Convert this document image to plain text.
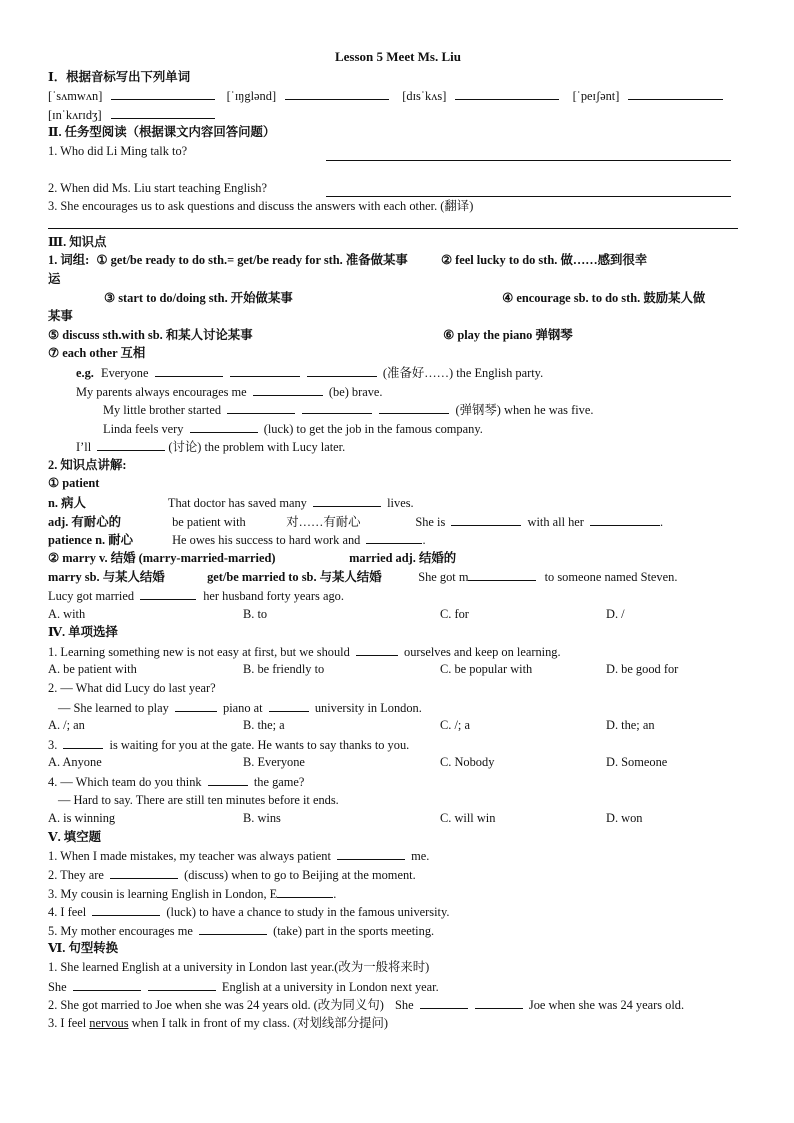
Lesson 5 Meet Ms. Liu
Ⅰ．根据音标写出下列单词
[ˈsʌmwʌn]	[ˈɪŋglənd]	[dɪsˈkʌs]	[ˈpeɪʃənt]
[ɪnˈkʌrɪdʒ]
Ⅱ. 任务型阅读（根据课文内容回答问题）
1. Who did Li Ming talk to?
2. When did Ms. Liu start teaching English?
3. She encourages us to ask questions and discuss the answers with each other. (翻译)
Ⅲ. 知识点
1. 词组: ① get/be ready to do sth.= get/be ready for sth. 准备做某事	② feel lucky to do sth. 做……感到很幸
运
③ start to do/doing sth. 开始做某事	④ encourage sb. to do sth. 鼓励某人做
某事
⑤ discuss sth.with sb. 和某人讨论某事	⑥ play the piano 弹钢琴
⑦ each other 互相
e.g. Everyone	(准备好……) the English party.
My parents always encourages me	(be) brave.
My little brother started	(弹钢琴) when he was five.
Linda feels very	(luck) to get the job in the famous company.
I’ll	(讨论) the problem with Lucy later.
2. 知识点讲解:
① patient
n. 病人	That doctor has saved many	lives.
adj. 有耐心的	be patient with	对……有耐心	She is	with all her	.
patience n. 耐心	He owes his success to hard work and	.
② marry v. 结婚 (marry-married-married)	married adj. 结婚的
marry sb. 与某人结婚	get/be married to sb. 与某人结婚	She got m	to someone named Steven.
Lucy got married	her husband forty years ago.
A. with	B. to	C. for	D. /
Ⅳ. 单项选择
1. Learning something new is not easy at first, but we should	ourselves and keep on learning.
A. be patient with	B. be friendly to	C. be popular with	D. be good for
2. — What did Lucy do last year?
— She learned to play	piano at	university in London.
A. /; an	B. the; a	C. /; a	D. the; an
3.	is waiting for you at the gate. He wants to say thanks to you.
A. Anyone	B. Everyone	C. Nobody	D. Someone
4. — Which team do you think	the game?
— Hard to say. There are still ten minutes before it ends.
A. is winning	B. wins	C. will win	D. won
Ⅴ. 填空题
1. When I made mistakes, my teacher was always patient	me.
2. They are	(discuss) when to go to Beijing at the moment.
3. My cousin is learning English in London, E	.
4. I feel	(luck) to have a chance to study in the famous university.
5. My mother encourages me	(take) part in the sports meeting.
Ⅵ. 句型转换
1. She learned English at a university in London last year.(改为一般将来时)
She	English at a university in London next year.
2. She got married to Joe when she was 24 years old. (改为同义句) She	Joe when she was 24 years old.
3. I feel nervous when I talk in front of my class. (对划线部分提问)
